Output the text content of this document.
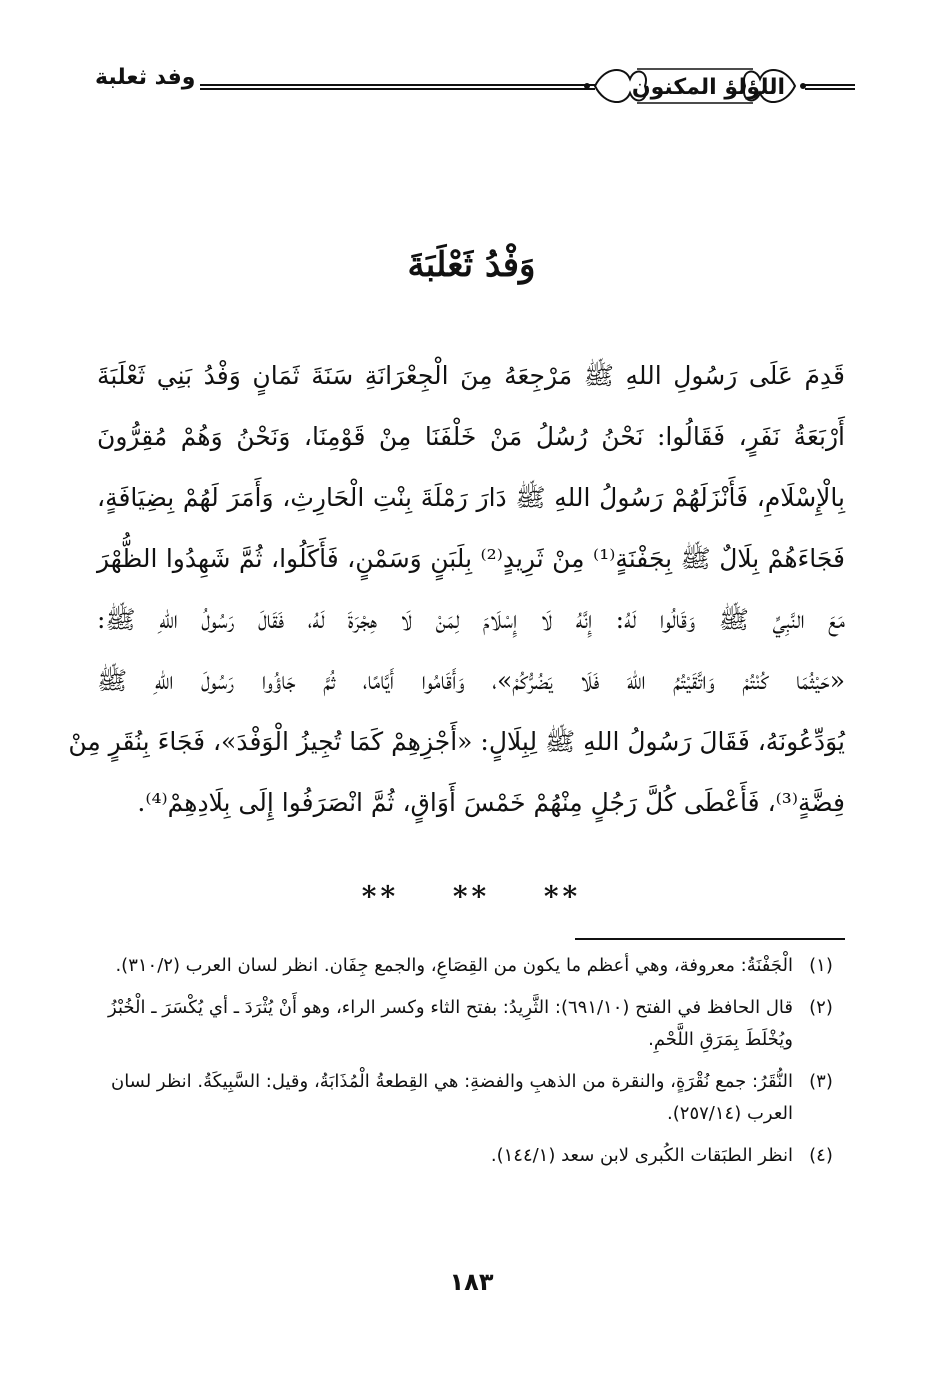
اللؤلؤ المكنون
وفد ثعلبة
وَفْدُ ثَعْلَبَةَ
قَدِمَ عَلَى رَسُولِ اللهِ ﷺ مَرْجِعَهُ مِنَ الْجِعْرَانَةِ سَنَةَ ثَمَانٍ وَفْدُ بَنِي ثَعْلَبَةَ
أَرْبَعَةُ نَفَرٍ، فَقَالُوا: نَحْنُ رُسُلُ مَنْ خَلْفَنَا مِنْ قَوْمِنَا، وَنَحْنُ وَهُمْ مُقِرُّونَ
بِالْإِسْلَامِ، فَأَنْزَلَهُمْ رَسُولُ اللهِ ﷺ دَارَ رَمْلَةَ بِنْتِ الْحَارِثِ، وَأَمَرَ لَهُمْ بِضِيَافَةٍ،
فَجَاءَهُمْ بِلَالٌ ﷺ بِجَفْنَةٍ⁽¹⁾ مِنْ ثَرِيدٍ⁽²⁾ بِلَبَنٍ وَسَمْنٍ، فَأَكَلُوا، ثُمَّ شَهِدُوا الظُّهْرَ
مَعَ النَّبِيِّ ﷺ وَقَالُوا لَهُ: إِنَّهُ لَا إِسْلَامَ لِمَنْ لَا هِجْرَةَ لَهُ، فَقَالَ رَسُولُ اللهِ ﷺ:
«حَيْثُمَا كُنْتُمْ وَاتَّقَيْتُمُ اللهَ فَلَا يَضُرُّكُمْ»، وَأَقَامُوا أَيَّامًا، ثُمَّ جَاؤُوا رَسُولَ اللهِ ﷺ
يُوَدِّعُونَهُ، فَقَالَ رَسُولُ اللهِ ﷺ لِبِلَالٍ: «أَجْزِهِمْ كَمَا تُجِيزُ الْوَفْدَ»، فَجَاءَ بِنُقَرٍ مِنْ
فِضَّةٍ⁽³⁾، فَأَعْطَى كُلَّ رَجُلٍ مِنْهُمْ خَمْسَ أَوَاقٍ، ثُمَّ انْصَرَفُوا إِلَى بِلَادِهِمْ⁽⁴⁾.
** ** **
(١)
الْجَفْنَةُ: معروفة، وهي أعظم ما يكون من القِصَاعِ، والجمع جِفَان. انظر لسان العرب (٣١٠/٢).
(٢)
قال الحافظ في الفتح (٦٩١/١٠): الثَّرِيدُ: بفتح الثاء وكسر الراء، وهو أَنْ يُثْرَدَ ـ أي يُكْسَرَ ـ الْخُبْزُ ويُخْلَطَ بِمَرَقِ اللَّحْمِ.
(٣)
النُّقَرُ: جمع نُقْرَةٍ، والنقرة من الذهبِ والفضةِ: هي القِطعةُ الْمُذَابَةُ، وقيل: السَّبِيكَةُ. انظر لسان العرب (٢٥٧/١٤).
(٤)
انظر الطبَقات الكُبرى لابن سعد (١٤٤/١).
١٨٣
